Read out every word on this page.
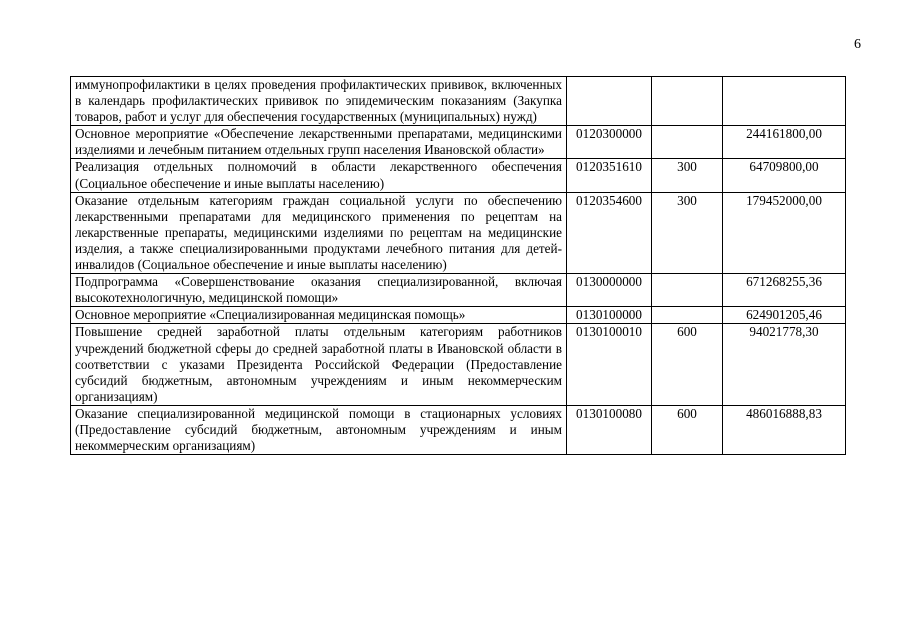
6
иммунопрофилактики в целях проведения профилактических прививок, включенных в календарь профилактических прививок по эпидемическим показаниям (Закупка товаров, работ и услуг для обеспечения государственных (муниципальных) нужд)			
Основное мероприятие «Обеспечение лекарственными препаратами, медицинскими изделиями и лечебным питанием отдельных групп населения Ивановской области»	0120300000		244161800,00
Реализация отдельных полномочий в области лекарственного обеспечения (Социальное обеспечение и иные выплаты населению)	0120351610	300	64709800,00
Оказание отдельным категориям граждан социальной услуги по обеспечению лекарственными препаратами для медицинского применения по рецептам на лекарственные препараты, медицинскими изделиями по рецептам на медицинские изделия, а также специализированными продуктами лечебного питания для детей-инвалидов (Социальное обеспечение и иные выплаты населению)	0120354600	300	179452000,00
Подпрограмма «Совершенствование оказания специализированной, включая высокотехнологичную, медицинской помощи»	0130000000		671268255,36
Основное мероприятие «Специализированная медицинская помощь»	0130100000		624901205,46
Повышение средней заработной платы отдельным категориям работников учреждений бюджетной сферы до средней заработной платы в Ивановской области в соответствии с указами Президента Российской Федерации (Предоставление субсидий бюджетным, автономным учреждениям и иным некоммерческим организациям)	0130100010	600	94021778,30
Оказание специализированной медицинской помощи в стационарных условиях (Предоставление субсидий бюджетным, автономным учреждениям и иным некоммерческим организациям)	0130100080	600	486016888,83
